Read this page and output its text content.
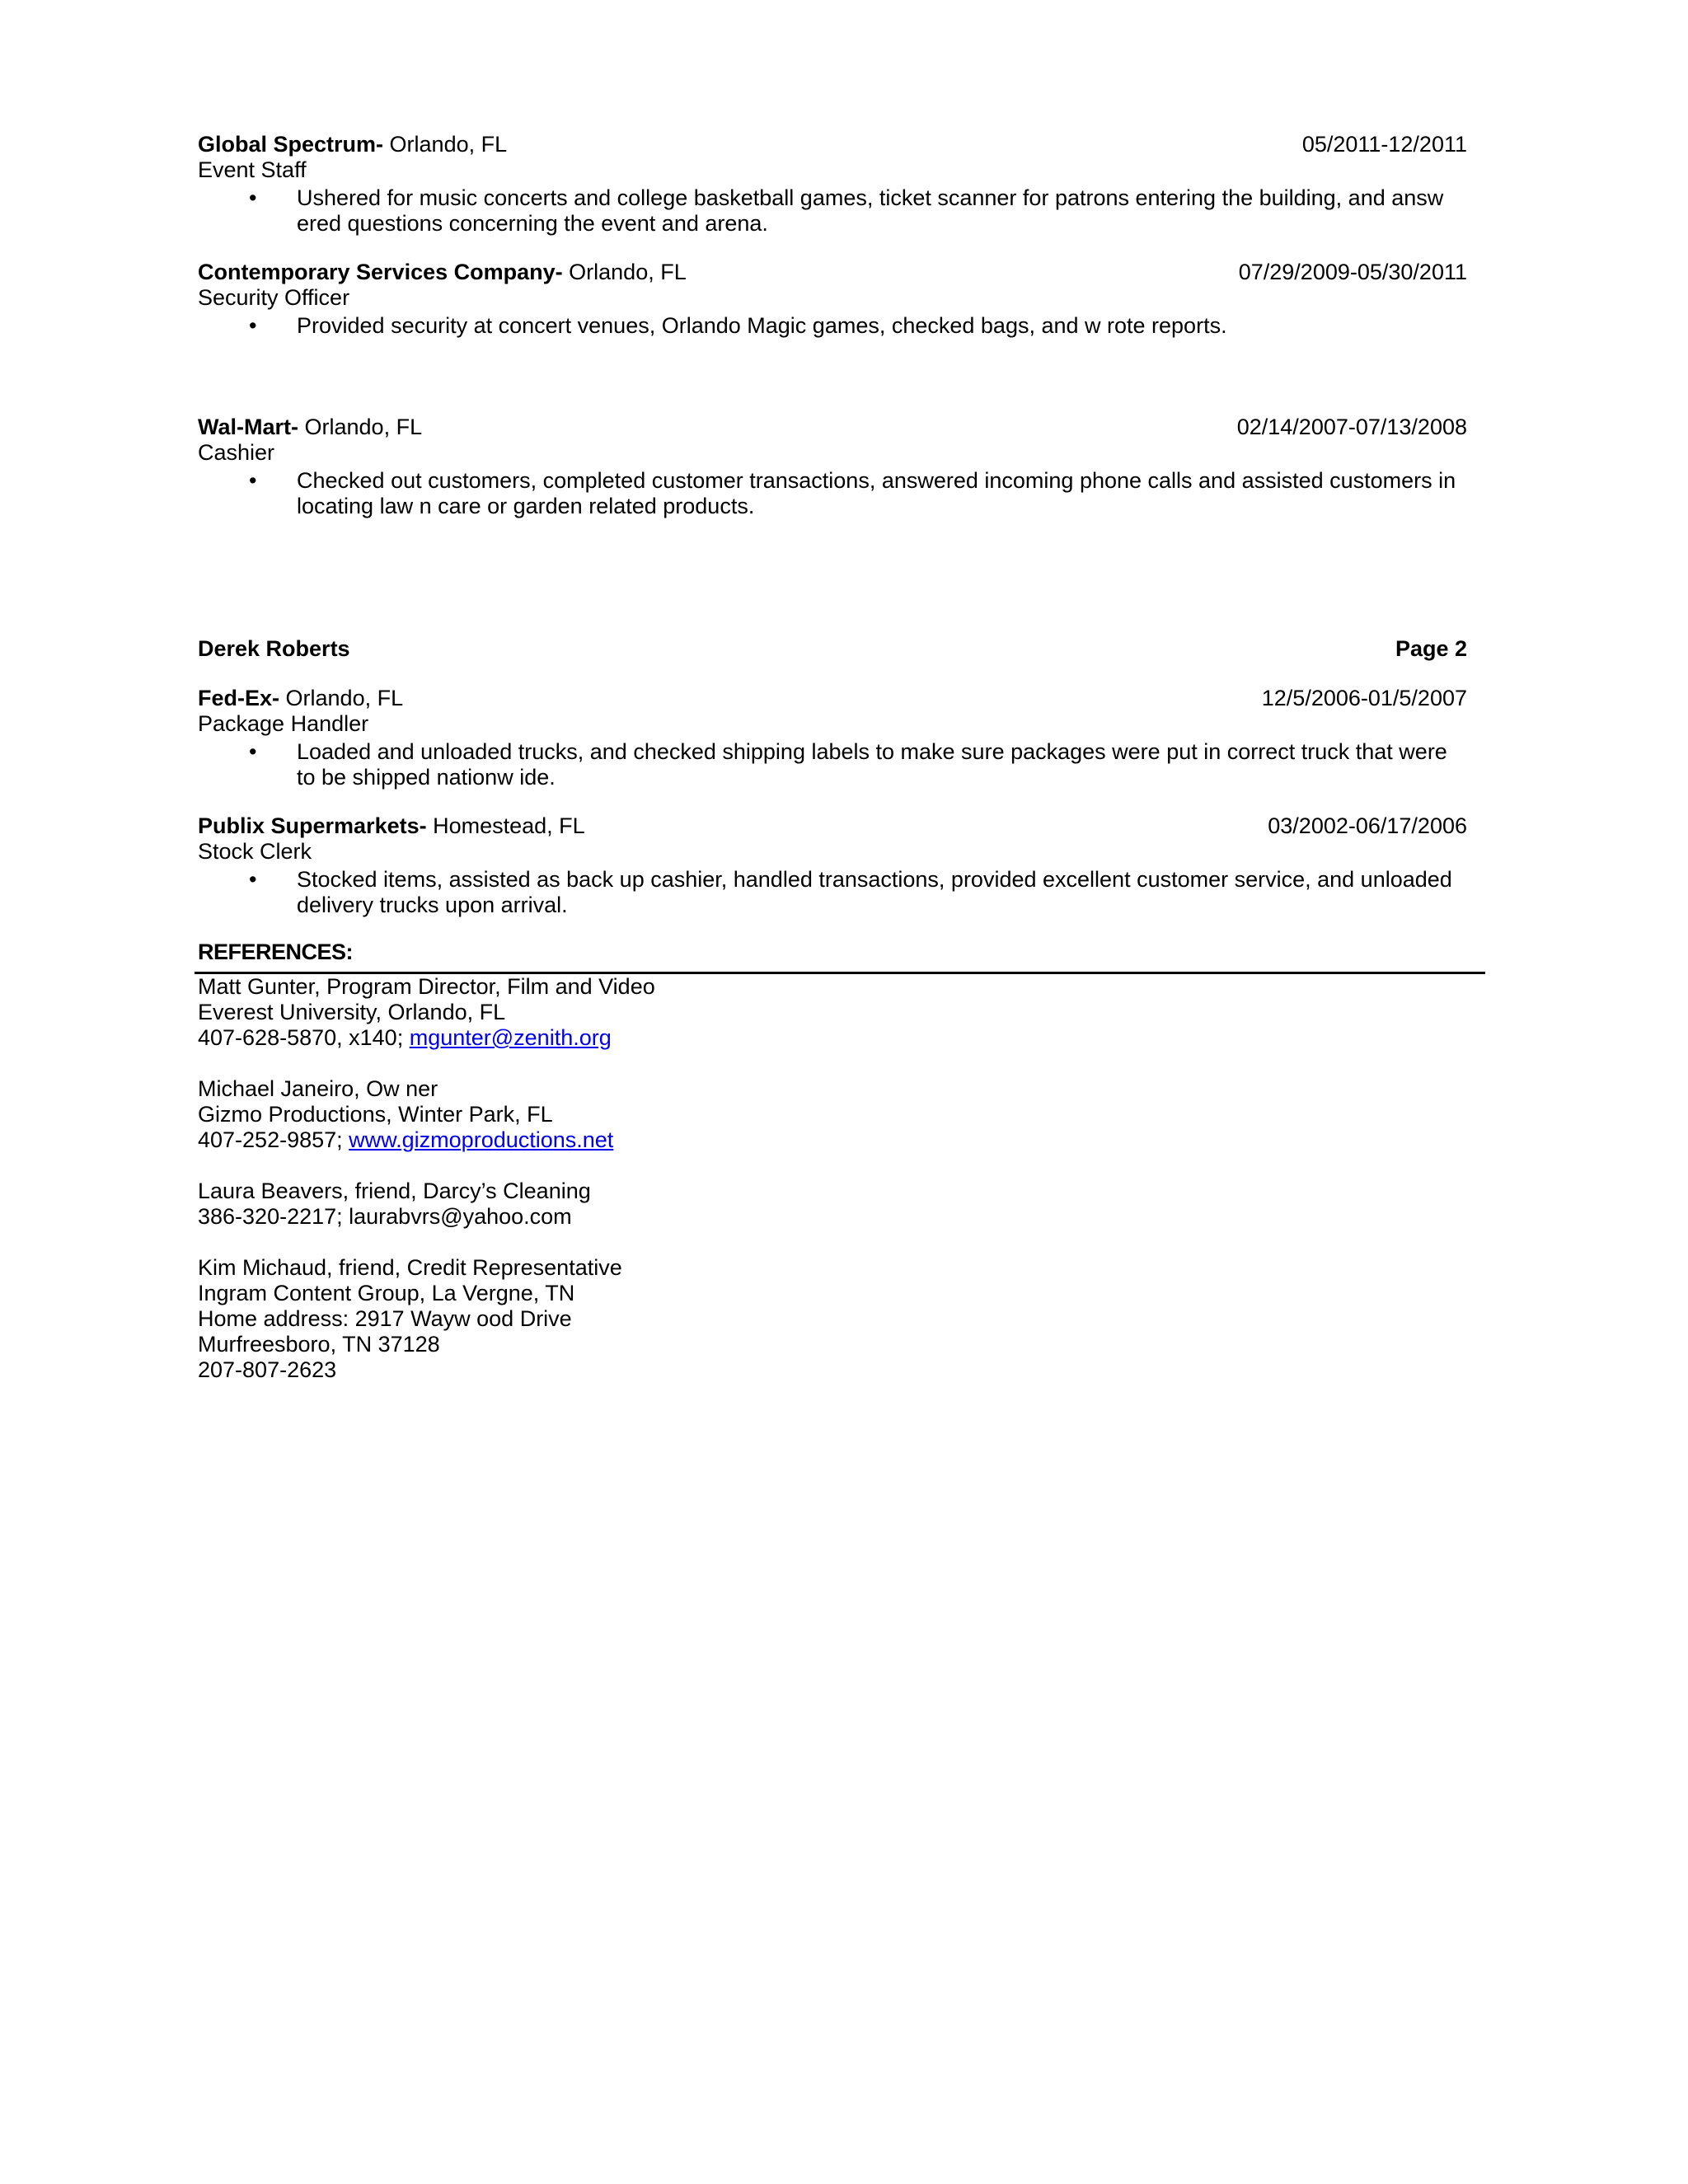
Global Spectrum- Orlando, FL	05/2011-12/2011
Event Staff
•	Ushered for music concerts and college basketball games, ticket scanner for patrons entering the building, and answ ered questions concerning the event and arena.
Contemporary Services Company- Orlando, FL	07/29/2009-05/30/2011
Security Officer
•	Provided security at concert venues, Orlando Magic games, checked bags, and w rote reports.
Wal-Mart- Orlando, FL	02/14/2007-07/13/2008
Cashier
•	Checked out customers, completed customer transactions, answered incoming phone calls and assisted customers in locating law n care or garden related products.
Derek Roberts	Page 2
Fed-Ex- Orlando, FL	12/5/2006-01/5/2007
Package Handler
•	Loaded and unloaded trucks, and checked shipping labels to make sure packages were put in correct truck that were to be shipped nationw ide.
Publix Supermarkets- Homestead, FL	03/2002-06/17/2006
Stock Clerk
•	Stocked items, assisted as back up cashier, handled transactions, provided excellent customer service, and unloaded delivery trucks upon arrival.
REFERENCES:
Matt Gunter, Program Director, Film and Video
Everest University, Orlando, FL
407-628-5870, x140; mgunter@zenith.org
Michael Janeiro, Ow ner
Gizmo Productions, Winter Park, FL
407-252-9857; www.gizmoproductions.net
Laura Beavers, friend, Darcy’s Cleaning
386-320-2217; laurabvrs@yahoo.com
Kim Michaud, friend, Credit Representative
Ingram Content Group, La Vergne, TN
Home address: 2917 Wayw ood Drive
Murfreesboro, TN 37128
207-807-2623
